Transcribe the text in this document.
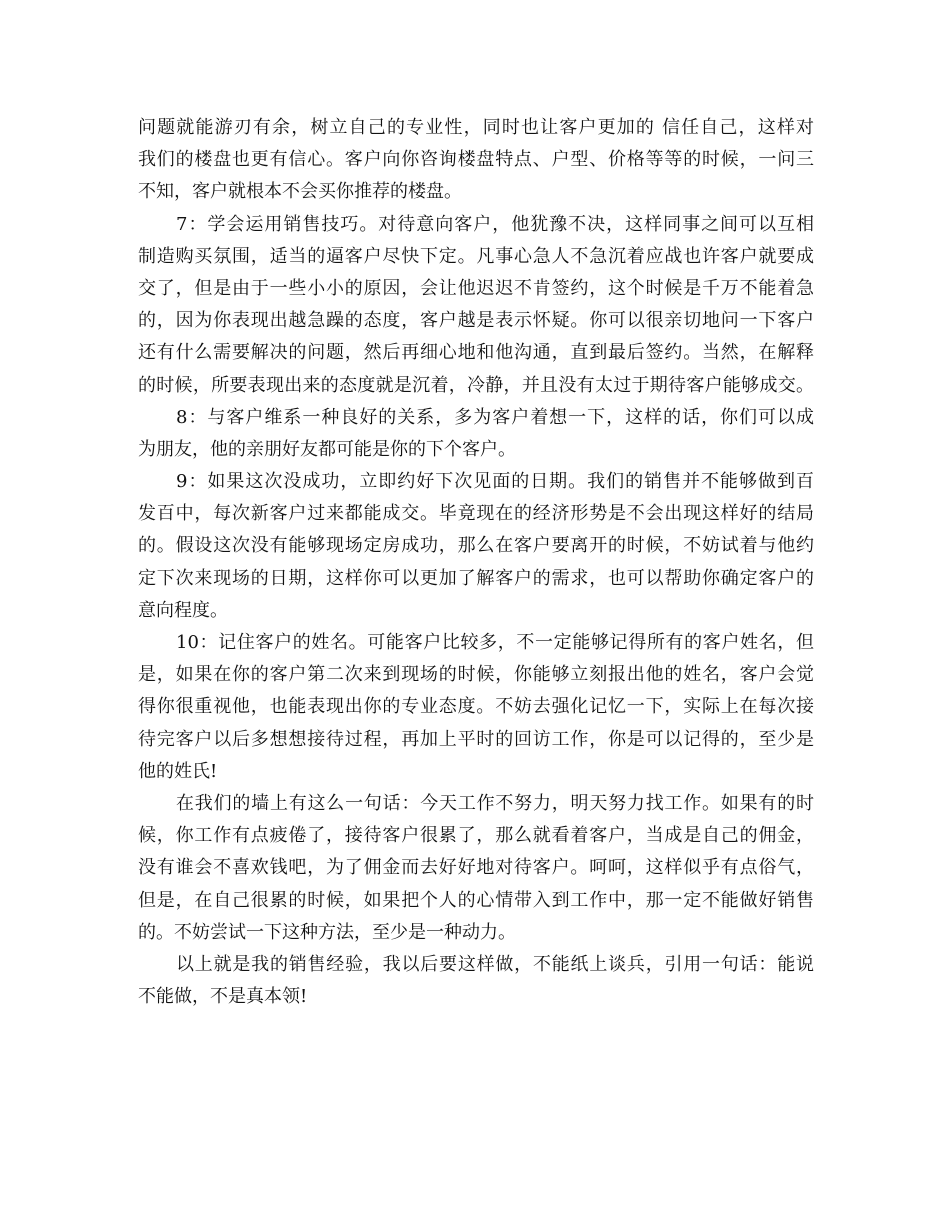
问题就能游刃有余，树立自己的专业性，同时也让客户更加的 信任自己，这样对
我们的楼盘也更有信心。客户向你咨询楼盘特点、户型、价格等等的时候，一问三
不知，客户就根本不会买你推荐的楼盘。
7：学会运用销售技巧。对待意向客户，他犹豫不决，这样同事之间可以互相
制造购买氛围，适当的逼客户尽快下定。凡事心急人不急沉着应战也许客户就要成
交了，但是由于一些小小的原因，会让他迟迟不肯签约，这个时候是千万不能着急
的，因为你表现出越急躁的态度，客户越是表示怀疑。你可以很亲切地问一下客户
还有什么需要解决的问题，然后再细心地和他沟通，直到最后签约。当然，在解释
的时候，所要表现出来的态度就是沉着，冷静，并且没有太过于期待客户能够成交。
8：与客户维系一种良好的关系，多为客户着想一下，这样的话，你们可以成
为朋友，他的亲朋好友都可能是你的下个客户。
9：如果这次没成功，立即约好下次见面的日期。我们的销售并不能够做到百
发百中，每次新客户过来都能成交。毕竟现在的经济形势是不会出现这样好的结局
的。假设这次没有能够现场定房成功，那么在客户要离开的时候，不妨试着与他约
定下次来现场的日期，这样你可以更加了解客户的需求，也可以帮助你确定客户的
意向程度。
10：记住客户的姓名。可能客户比较多，不一定能够记得所有的客户姓名，但
是，如果在你的客户第二次来到现场的时候，你能够立刻报出他的姓名，客户会觉
得你很重视他，也能表现出你的专业态度。不妨去强化记忆一下，实际上在每次接
待完客户以后多想想接待过程，再加上平时的回访工作，你是可以记得的，至少是
他的姓氏!
在我们的墙上有这么一句话：今天工作不努力，明天努力找工作。如果有的时
候，你工作有点疲倦了，接待客户很累了，那么就看着客户，当成是自己的佣金，
没有谁会不喜欢钱吧，为了佣金而去好好地对待客户。呵呵，这样似乎有点俗气，
但是，在自己很累的时候，如果把个人的心情带入到工作中，那一定不能做好销售
的。不妨尝试一下这种方法，至少是一种动力。
以上就是我的销售经验，我以后要这样做，不能纸上谈兵，引用一句话：能说
不能做，不是真本领!
